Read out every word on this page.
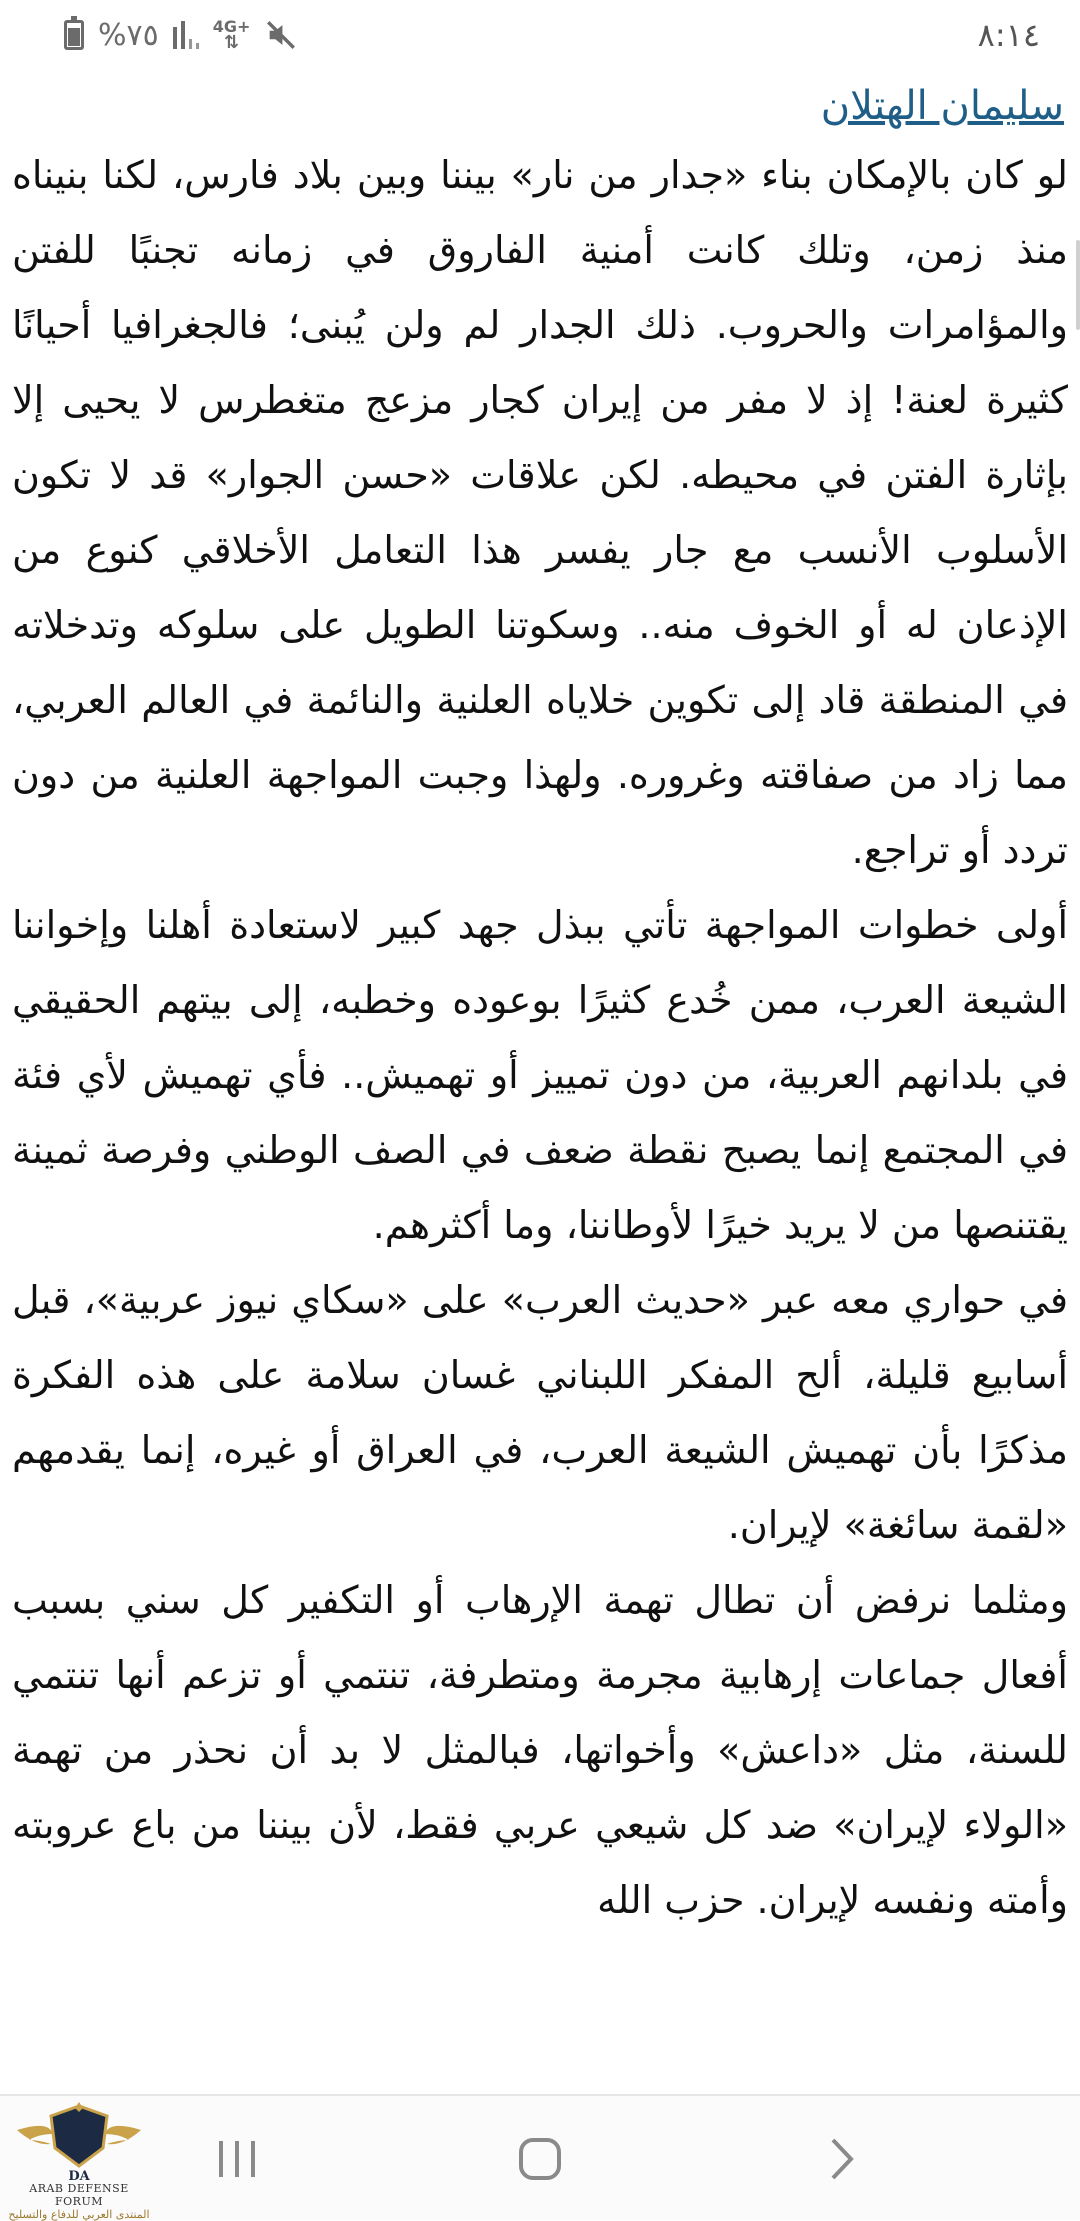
%٧٥	4G+
⇅	٨:١٤
سليمان الهتلان

لو كان بالإمكان بناء «جدار من نار» بيننا وبين بلاد فارس، لكنا بنيناه منذ زمن، وتلك كانت أمنية الفاروق في زمانه تجنبًا للفتن والمؤامرات والحروب. ذلك الجدار لم ولن يُبنى؛ فالجغرافيا أحيانًا كثيرة لعنة! إذ لا مفر من إيران كجار مزعج متغطرس لا يحيى إلا بإثارة الفتن في محيطه. لكن علاقات «حسن الجوار» قد لا تكون الأسلوب الأنسب مع جار يفسر هذا التعامل الأخلاقي كنوع من الإذعان له أو الخوف منه.. وسكوتنا الطويل على سلوكه وتدخلاته في المنطقة قاد إلى تكوين خلاياه العلنية والنائمة في العالم العربي، مما زاد من صفاقته وغروره. ولهذا وجبت المواجهة العلنية من دون تردد أو تراجع.

أولى خطوات المواجهة تأتي ببذل جهد كبير لاستعادة أهلنا وإخواننا الشيعة العرب، ممن خُدع كثيرًا بوعوده وخطبه، إلى بيتهم الحقيقي في بلدانهم العربية، من دون تمييز أو تهميش.. فأي تهميش لأي فئة في المجتمع إنما يصبح نقطة ضعف في الصف الوطني وفرصة ثمينة يقتنصها من لا يريد خيرًا لأوطاننا، وما أكثرهم.

في حواري معه عبر «حديث العرب» على «سكاي نيوز عربية»، قبل أسابيع قليلة، ألح المفكر اللبناني غسان سلامة على هذه الفكرة مذكرًا بأن تهميش الشيعة العرب، في العراق أو غيره، إنما يقدمهم «لقمة سائغة» لإيران.

ومثلما نرفض أن تطال تهمة الإرهاب أو التكفير كل سني بسبب أفعال جماعات إرهابية مجرمة ومتطرفة، تنتمي أو تزعم أنها تنتمي للسنة، مثل «داعش» وأخواتها، فبالمثل لا بد أن نحذر من تهمة «الولاء لإيران» ضد كل شيعي عربي فقط، لأن بيننا من باع عروبته وأمته ونفسه لإيران. حزب الله

DA
ARAB DEFENSE FORUM
المنتدى العربي للدفاع والتسليح
